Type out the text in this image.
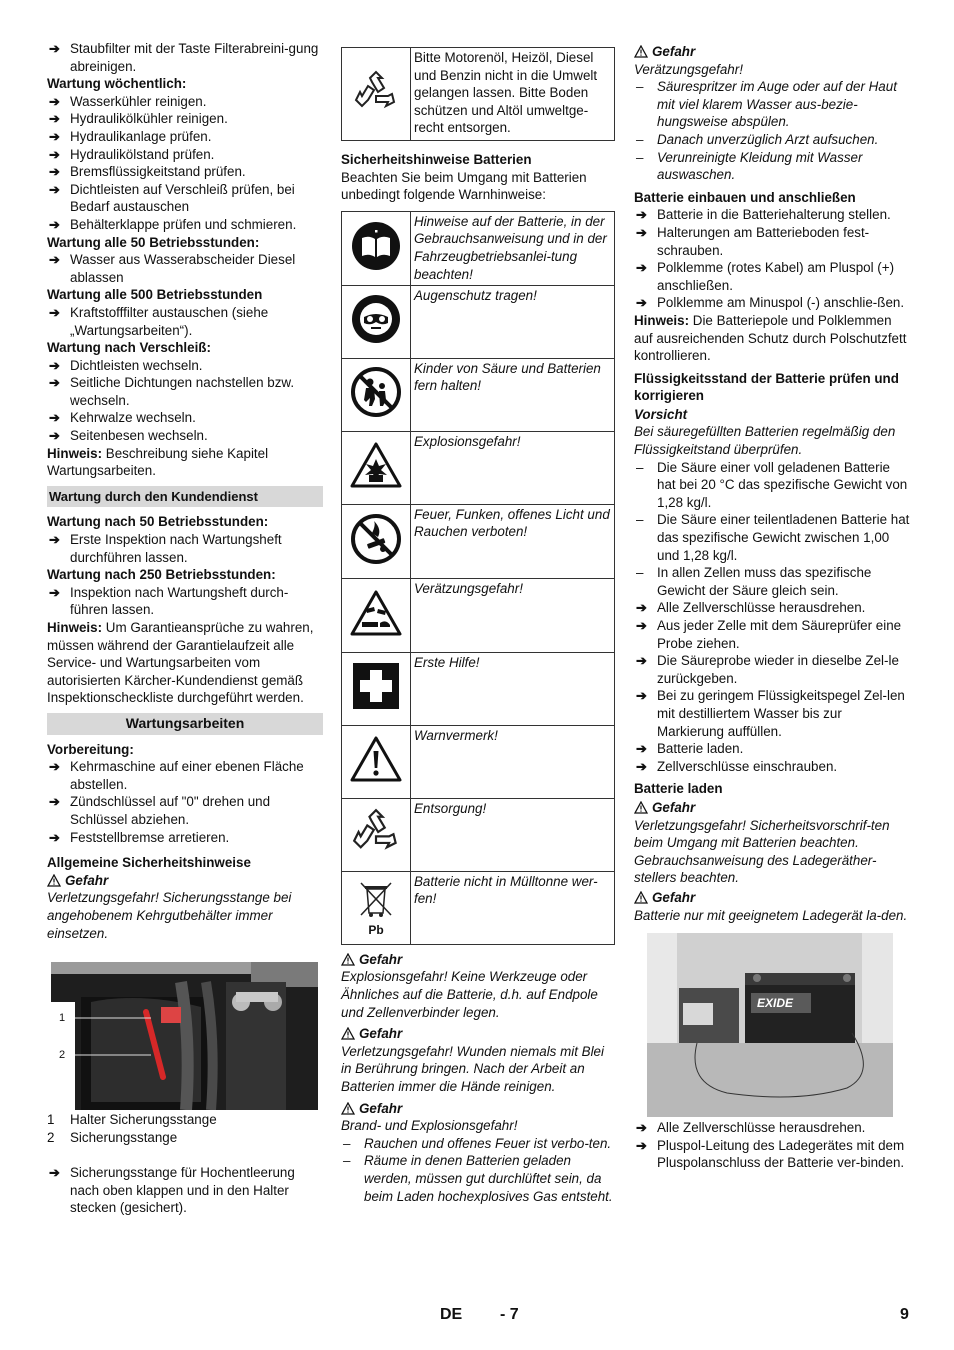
➔ Staubfilter mit der Taste Filterabreini-gung abreinigen.
Wartung wöchentlich:
➔ Wasserkühler reinigen.
➔ Hydraulikölkühler reinigen.
➔ Hydraulikanlage prüfen.
➔ Hydraulikölstand prüfen.
➔ Bremsflüssigkeitstand prüfen.
➔ Dichtleisten auf Verschleiß prüfen, bei Bedarf austauschen
➔ Behälterklappe prüfen und schmieren.
Wartung alle 50 Betriebsstunden:
➔ Wasser aus Wasserabscheider Diesel ablassen
Wartung alle 500 Betriebsstunden
➔ Kraftstofffilter austauschen (siehe „Wartungsarbeiten“).
Wartung nach Verschleiß:
➔ Dichtleisten wechseln.
➔ Seitliche Dichtungen nachstellen bzw. wechseln.
➔ Kehrwalze wechseln.
➔ Seitenbesen wechseln.
Hinweis: Beschreibung siehe Kapitel Wartungsarbeiten.
Wartung durch den Kundendienst
Wartung nach 50 Betriebsstunden:
➔ Erste Inspektion nach Wartungsheft durchführen lassen.
Wartung nach 250 Betriebsstunden:
➔ Inspektion nach Wartungsheft durch-führen lassen.
Hinweis: Um Garantieansprüche zu wahren, müssen während der Garantielaufzeit alle Service- und Wartungsarbeiten vom autorisierten Kärcher-Kundendienst gemäß Inspektionscheckliste durchgeführt werden.
Wartungsarbeiten
Vorbereitung:
➔ Kehrmaschine auf einer ebenen Fläche abstellen.
➔ Zündschlüssel auf "0" drehen und Schlüssel abziehen.
➔ Feststellbremse arretieren.
Allgemeine Sicherheitshinweise
Gefahr
Verletzungsgefahr! Sicherungsstange bei angehobenem Kehrgutbehälter immer einsetzen.
1
2
1	Halter Sicherungsstange
2	Sicherungsstange
➔ Sicherungsstange für Hochentleerung nach oben klappen und in den Halter stecken (gesichert).
	Bitte Motorenöl, Heizöl, Diesel und Benzin nicht in die Umwelt gelangen lassen. Bitte Boden schützen und Altöl umweltge-recht entsorgen.
Sicherheitshinweise Batterien
Beachten Sie beim Umgang mit Batterien unbedingt folgende Warnhinweise:
	Hinweise auf der Batterie, in der Gebrauchsanweisung und in der Fahrzeugbetriebsanlei-tung beachten!
	Augenschutz tragen!
	Kinder von Säure und Batterien fern halten!
	Explosionsgefahr!
	Feuer, Funken, offenes Licht und Rauchen verboten!
	Verätzungsgefahr!
	Erste Hilfe!
	Warnvermerk!
	Entsorgung!

Pb	Batterie nicht in Mülltonne wer-fen!
Gefahr
Explosionsgefahr! Keine Werkzeuge oder Ähnliches auf die Batterie, d.h. auf Endpole und Zellenverbinder legen.
Gefahr
Verletzungsgefahr! Wunden niemals mit Blei in Berührung bringen. Nach der Arbeit an Batterien immer die Hände reinigen.
Gefahr
Brand- und Explosionsgefahr!
– Rauchen und offenes Feuer ist verbo-ten.
– Räume in denen Batterien geladen werden, müssen gut durchlüftet sein, da beim Laden hochexplosives Gas entsteht.
Gefahr
Verätzungsgefahr!
– Säurespritzer im Auge oder auf der Haut mit viel klarem Wasser aus-bezie-hungsweise abspülen.
– Danach unverzüglich Arzt aufsuchen.
– Verunreinigte Kleidung mit Wasser auswaschen.
Batterie einbauen und anschließen
➔ Batterie in die Batteriehalterung stellen.
➔ Halterungen am Batterieboden fest-schrauben.
➔ Polklemme (rotes Kabel) am Pluspol (+) anschließen.
➔ Polklemme am Minuspol (-) anschlie-ßen.
Hinweis: Die Batteriepole und Polklemmen auf ausreichenden Schutz durch Polschutzfett kontrollieren.
Flüssigkeitsstand der Batterie prüfen und korrigieren
Vorsicht
Bei säuregefüllten Batterien regelmäßig den Flüssigkeitstand überprüfen.
– Die Säure einer voll geladenen Batterie hat bei 20 °C das spezifische Gewicht von 1,28 kg/l.
– Die Säure einer teilentladenen Batterie hat das spezifische Gewicht zwischen 1,00 und 1,28 kg/l.
– In allen Zellen muss das spezifische Gewicht der Säure gleich sein.
➔ Alle Zellverschlüsse herausdrehen.
➔ Aus jeder Zelle mit dem Säureprüfer eine Probe ziehen.
➔ Die Säureprobe wieder in dieselbe Zel-le zurückgeben.
➔ Bei zu geringem Flüssigkeitspegel Zel-len mit destilliertem Wasser bis zur Markierung auffüllen.
➔ Batterie laden.
➔ Zellverschlüsse einschrauben.
Batterie laden
Gefahr
Verletzungsgefahr! Sicherheitsvorschrif-ten beim Umgang mit Batterien beachten. Gebrauchsanweisung des Ladegeräther-stellers beachten.
Gefahr
Batterie nur mit geeignetem Ladegerät la-den.
EXIDE
➔ Alle Zellverschlüsse herausdrehen.
➔ Pluspol-Leitung des Ladegerätes mit dem Pluspolanschluss der Batterie ver-binden.
DE - 7	9
